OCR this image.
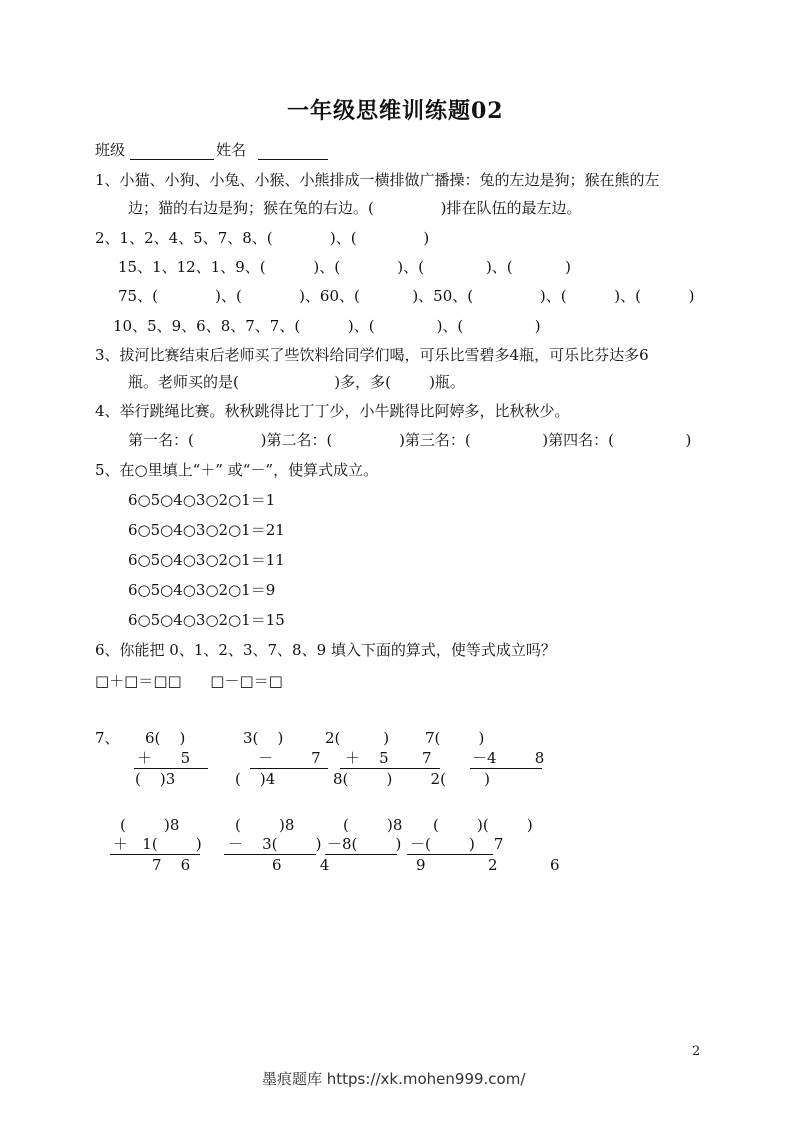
一年级思维训练题02
班级	姓名
1、小猫、小狗、小兔、小猴、小熊排成一横排做广播操：兔的左边是狗；猴在熊的左
边；猫的右边是狗；猴在兔的右边。(              )排在队伍的最左边。
2、1、2、4、5、7、8、(            )、(              )
15、1、12、1、9、(          )、(            )、(             )、(           )
75、(            )、(            )、60、(           )、50、(              )、(          )、(          )
10、5、9、6、8、7、7、(          )、(             )、(               )
3、拔河比赛结束后老师买了些饮料给同学们喝，可乐比雪碧多4瓶，可乐比芬达多6
瓶。老师买的是(                    )多，多(        )瓶。
4、举行跳绳比赛。秋秋跳得比丁丁少，小牛跳得比阿婷多，比秋秋少。
第一名：(              )第二名：(              )第三名：(               )第四名：(               )
5、在○里填上“＋” 或“－”，使算式成立。
6○5○4○3○2○1＝1
6○5○4○3○2○1＝21
6○5○4○3○2○1＝11
6○5○4○3○2○1＝9
6○5○4○3○2○1＝15
6、你能把 0、1、2、3、7、8、9 填入下面的算式，使等式成立吗？
□＋□＝□□      □－□＝□
7、 6(    )
＋      5
(    )3
3(    )
－        7
(    )4
2(         )
＋    5       7
8(        )        2(        )
7(        )
－4        8
(        )8
＋   1(        )
7    6
(        )8
－    3(        )
6        4
(        )8
－8(        )
9
(        )(        )
－(        )    7
2           6
2
墨痕题库 https://xk.mohen999.com/
